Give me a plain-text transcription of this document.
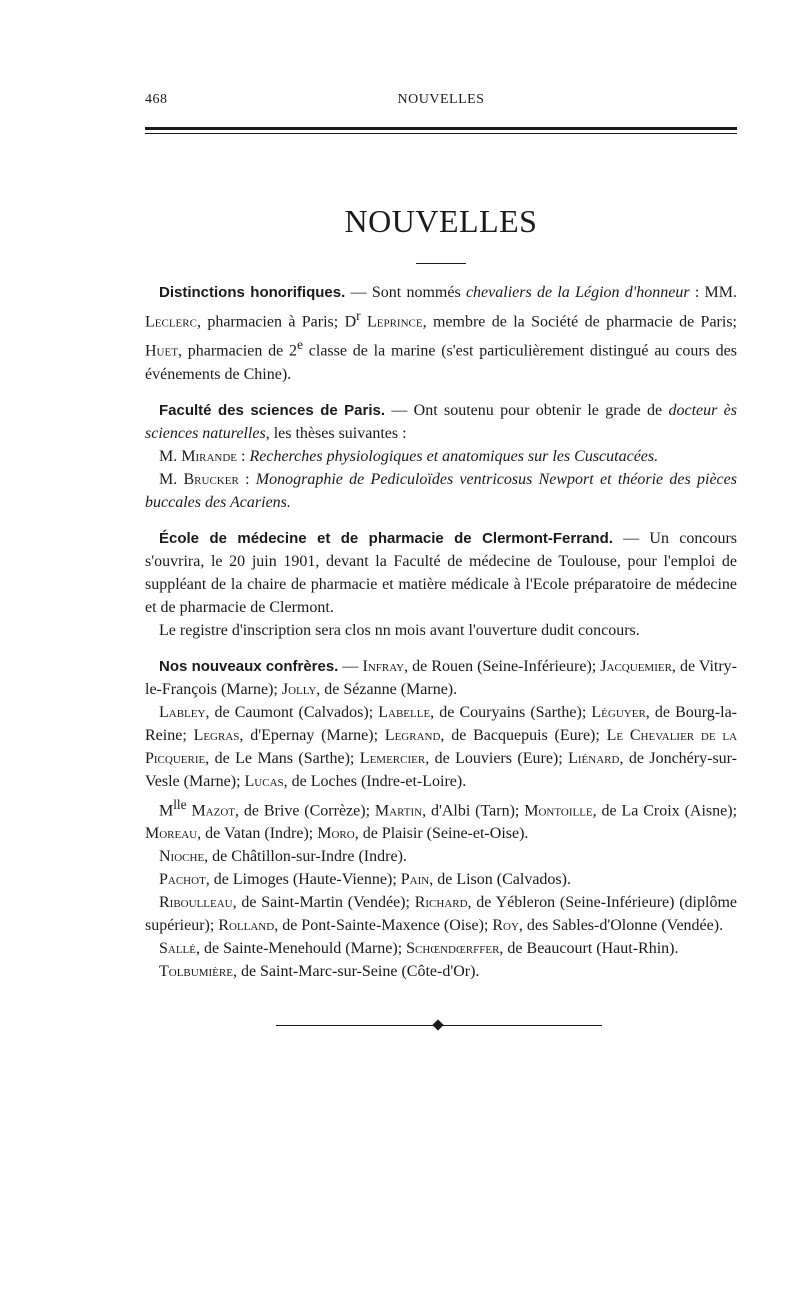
468	NOUVELLES
NOUVELLES

Distinctions honorifiques. — Sont nommés chevaliers de la Légion d'honneur : MM. Leclerc, pharmacien à Paris; $D^r$ Leprince, membre de la Société de pharmacie de Paris; Huet, pharmacien de 2e classe de la marine (s'est particulièrement distingué au cours des événements de Chine).

Faculté des sciences de Paris. — Ont soutenu pour obtenir le grade de docteur ès sciences naturelles, les thèses suivantes :

M. Mirande : Recherches physiologiques et anatomiques sur les Cuscutacées.

M. Brucker : Monographie de Pediculoïdes ventricosus Newport et théorie des pièces buccales des Acariens.

École de médecine et de pharmacie de Clermont-Ferrand. — Un concours s'ouvrira, le 20 juin 1901, devant la Faculté de médecine de Toulouse, pour l'emploi de suppléant de la chaire de pharmacie et matière médicale à l'Ecole préparatoire de médecine et de pharmacie de Clermont.

Le registre d'inscription sera clos nn mois avant l'ouverture dudit concours.

Nos nouveaux confrères. — Infray, de Rouen (Seine-Inférieure); Jacquemier, de Vitry-le-François (Marne); Jolly, de Sézanne (Marne).

Labley, de Caumont (Calvados); Labelle, de Couryains (Sarthe); Léguyer, de Bourg-la-Reine; Legras, d'Epernay (Marne); Legrand, de Bacquepuis (Eure); Le Chevalier de la Picquerie, de Le Mans (Sarthe); Lemercier, de Louviers (Eure); Liénard, de Jonchéry-sur-Vesle (Marne); Lucas, de Loches (Indre-et-Loire).

$M^{lle}$ Mazot, de Brive (Corrèze); Martin, d'Albi (Tarn); Montoille, de La Croix (Aisne); Moreau, de Vatan (Indre); Moro, de Plaisir (Seine-et-Oise).

Nioche, de Châtillon-sur-Indre (Indre).

Pachot, de Limoges (Haute-Vienne); Pain, de Lison (Calvados).

Riboulleau, de Saint-Martin (Vendée); Richard, de Yébleron (Seine-Inférieure) (diplôme supérieur); Rolland, de Pont-Sainte-Maxence (Oise); Roy, des Sables-d'Olonne (Vendée).

Sallé, de Sainte-Menehould (Marne); Schœndœrffer, de Beaucourt (Haut-Rhin).

Tolbumière, de Saint-Marc-sur-Seine (Côte-d'Or).
